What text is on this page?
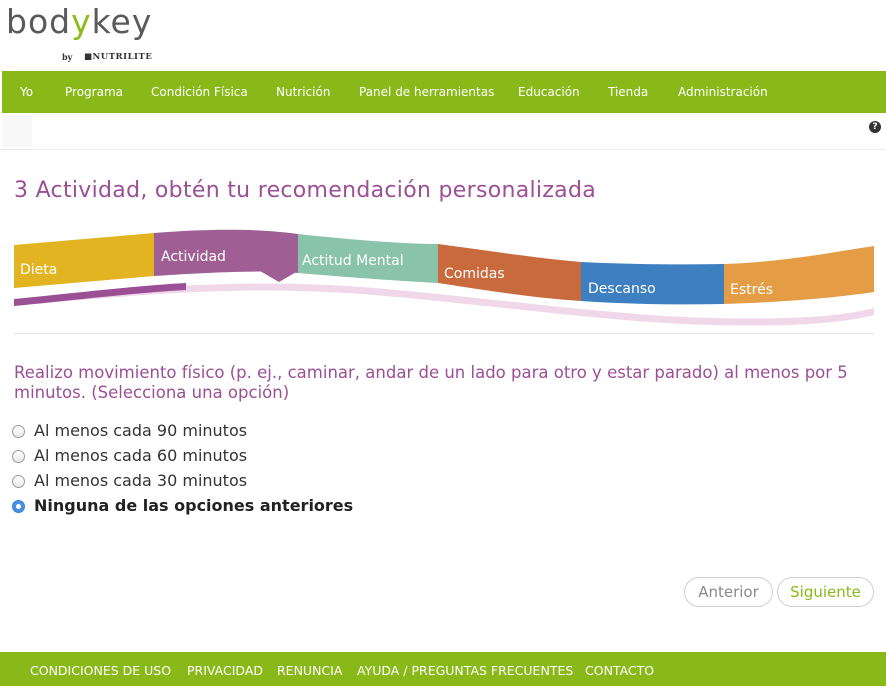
bodykey
by ■NUTRILITE
Yo	Programa Condición Física Nutrición Panel de herramientas Educación Tienda Administración
?
3 Actividad, obtén tu recomendación personalizada
Dieta
Actividad	Actitud Mental
Comidas
Descanso	Estrés
Realizo movimiento físico (p. ej., caminar, andar de un lado para otro y estar parado) al menos por 5 minutos. (Selecciona una opción)
Al menos cada 90 minutos
Al menos cada 60 minutos
Al menos cada 30 minutos
Ninguna de las opciones anteriores
Anterior	Siguiente
CONDICIONES DE USO PRIVACIDAD RENUNCIA AYUDA / PREGUNTAS FRECUENTES CONTACTO
